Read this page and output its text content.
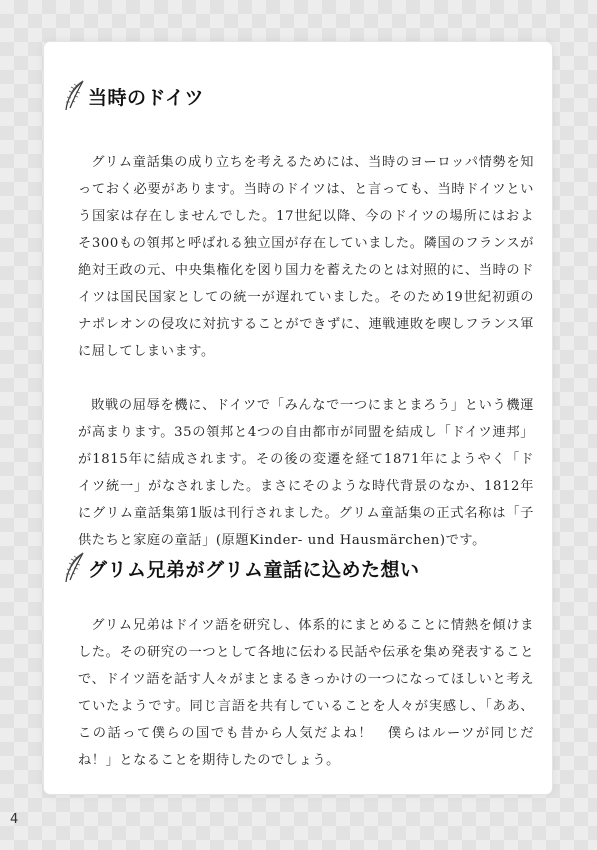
当時のドイツ

グリム童話集の成り立ちを考えるためには、当時のヨーロッパ情勢を知っておく必要があります。当時のドイツは、と言っても、当時ドイツという国家は存在しませんでした。17世紀以降、今のドイツの場所にはおよそ300もの領邦と呼ばれる独立国が存在していました。隣国のフランスが絶対王政の元、中央集権化を図り国力を蓄えたのとは対照的に、当時のドイツは国民国家としての統一が遅れていました。そのため19世紀初頭のナポレオンの侵攻に対抗することができずに、連戦連敗を喫しフランス軍に屈してしまいます。

敗戦の屈辱を機に、ドイツで「みんなで一つにまとまろう」という機運が高まります。35の領邦と4つの自由都市が同盟を結成し「ドイツ連邦」が1815年に結成されます。その後の変遷を経て1871年にようやく「ドイツ統一」がなされました。まさにそのような時代背景のなか、1812年にグリム童話集第1版は刊行されました。グリム童話集の正式名称は「子供たちと家庭の童話」(原題Kinder- und Hausmärchen)です。

グリム兄弟がグリム童話に込めた想い

グリム兄弟はドイツ語を研究し、体系的にまとめることに情熱を傾けました。その研究の一つとして各地に伝わる民話や伝承を集め発表することで、ドイツ語を話す人々がまとまるきっかけの一つになってほしいと考えていたようです。同じ言語を共有していることを人々が実感し、「ああ、この話って僕らの国でも昔から人気だよね！　僕らはルーツが同じだね！」となることを期待したのでしょう。

4
